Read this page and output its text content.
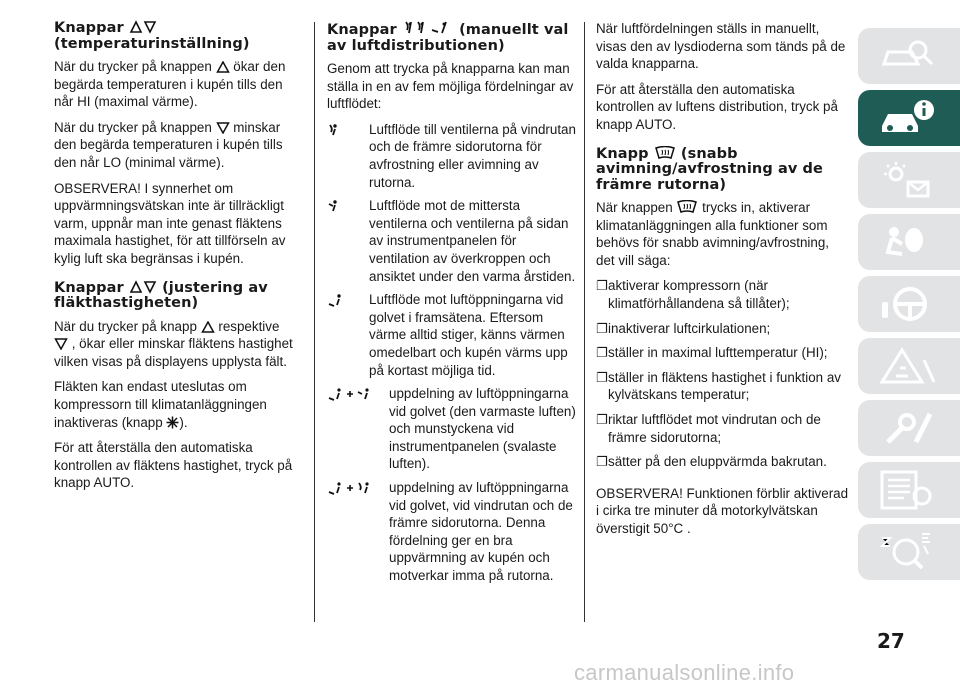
Knappar
(temperaturinställning)

När du trycker på knappen ökar den begärda temperaturen i kupén tills den når HI (maximal värme).

När du trycker på knappen minskar den begärda temperaturen i kupén tills den når LO (minimal värme).

OBSERVERA! I synnerhet om uppvärmningsvätskan inte är tillräckligt varm, uppnår man inte genast fläktens maximala hastighet, för att tillförseln av kylig luft ska begränsas i kupén.

Knappar	(justering av fläkthastigheten)

När du trycker på knapp respektive
, ökar eller minskar fläktens hastighet vilken visas på displayens upplysta fält.

Fläkten kan endast uteslutas om kompressorn till klimatanläggningen inaktiveras (knapp ).

För att återställa den automatiska kontrollen av fläktens hastighet, tryck på knapp AUTO.

Knappar	(manuellt val av luftdistributionen)

Genom att trycka på knapparna kan man ställa in en av fem möjliga fördelningar av luftflödet:

Luftflöde till ventilerna på vindrutan och de främre sidorutorna för avfrostning eller avimning av rutorna.
Luftflöde mot de mittersta ventilerna och ventilerna på sidan av instrumentpanelen för ventilation av överkroppen och ansiktet under den varma årstiden.
Luftflöde mot luftöppningarna vid golvet i framsätena. Eftersom värme alltid stiger, känns värmen omedelbart och kupén värms upp på kortast möjliga tid.
uppdelning av luftöppningarna vid golvet (den varmaste luften) och munstyckena vid instrumentpanelen (svalaste luften).
uppdelning av luftöppningarna vid golvet, vid vindrutan och de främre sidorutorna. Denna fördelning ger en bra uppvärmning av kupén och motverkar imma på rutorna.

När luftfördelningen ställs in manuellt, visas den av lysdioderna som tänds på de valda knapparna.

För att återställa den automatiska kontrollen av luftens distribution, tryck på knapp AUTO.

Knapp (snabb avimning/avfrostning av de främre rutorna)

När knappen trycks in, aktiverar klimatanläggningen alla funktioner som behövs för snabb avimning/avfrostning, det vill säga:

❐ aktiverar kompressorn (när klimatförhållandena så tillåter);
❐ inaktiverar luftcirkulationen;
❐ ställer in maximal lufttemperatur (HI);
❐ ställer in fläktens hastighet i funktion av kylvätskans temperatur;
❐ riktar luftflödet mot vindrutan och de främre sidorutorna;
❐ sätter på den eluppvärmda bakrutan.

OBSERVERA! Funktionen förblir aktiverad i cirka tre minuter då motorkylvätskan överstigit 50°C .

27
carmanualsonline.info
